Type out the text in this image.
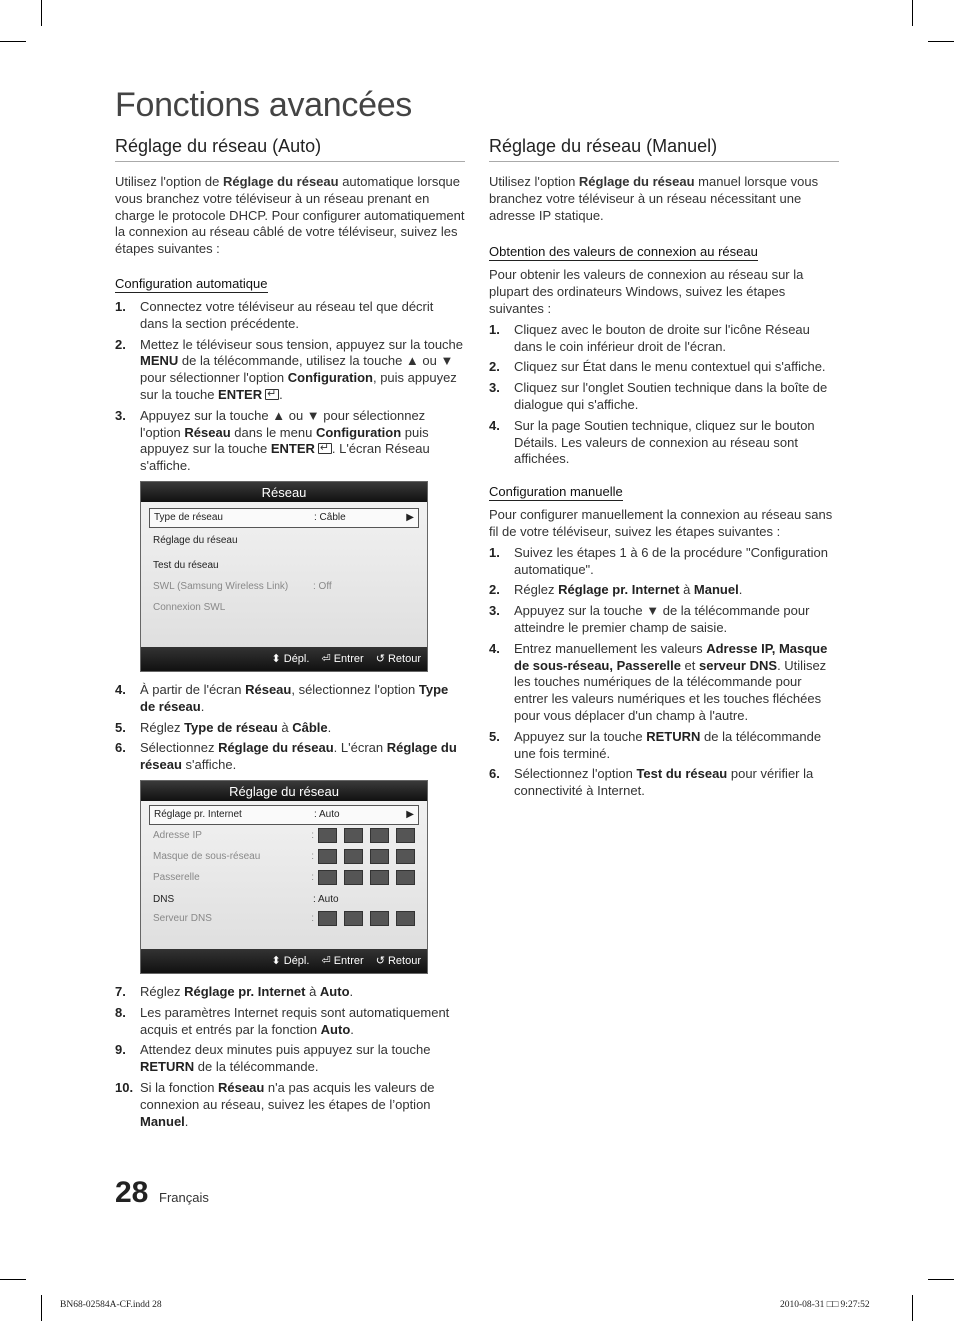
Fonctions avancées
Réglage du réseau (Auto)

Utilisez l'option de Réglage du réseau automatique lorsque vous branchez votre téléviseur à un réseau prenant en charge le protocole DHCP. Pour configurer automatiquement la connexion au réseau câblé de votre téléviseur, suivez les étapes suivantes :

Configuration automatique
1.	Connectez votre téléviseur au réseau tel que décrit dans la section précédente.
2.	Mettez le téléviseur sous tension, appuyez sur la touche MENU de la télécommande, utilisez la touche ▲ ou ▼ pour sélectionner l'option Configuration, puis appuyez sur la touche ENTER ↵ .
3.	Appuyez sur la touche ▲ ou ▼ pour sélectionnez l'option Réseau dans le menu Configuration puis appuyez sur la touche ENTER ↵ . L'écran Réseau s'affiche.
Réseau
Type de réseau	: Câble	▶
Réglage du réseau
Test du réseau
SWL (Samsung Wireless Link)	: Off
Connexion SWL
⬍ Dépl. ⏎ Entrer ↺ Retour
4.	À partir de l'écran Réseau, sélectionnez l'option Type de réseau.
5.	Réglez Type de réseau à Câble.
6.	Sélectionnez Réglage du réseau. L'écran Réglage du réseau s'affiche.
Réglage du réseau
Réglage pr. Internet	: Auto	▶
Adresse IP	:
Masque de sous-réseau	:
Passerelle	:
DNS	: Auto
Serveur DNS	:
⬍ Dépl. ⏎ Entrer ↺ Retour
7.	Réglez Réglage pr. Internet à Auto.
8.	Les paramètres Internet requis sont automatiquement acquis et entrés par la fonction Auto.
9.	Attendez deux minutes puis appuyez sur la touche RETURN de la télécommande.
10. Si la fonction Réseau n'a pas acquis les valeurs de connexion au réseau, suivez les étapes de l’option Manuel.
Réglage du réseau (Manuel)

Utilisez l'option Réglage du réseau manuel lorsque vous branchez votre téléviseur à un réseau nécessitant une adresse IP statique.

Obtention des valeurs de connexion au réseau

Pour obtenir les valeurs de connexion au réseau sur la plupart des ordinateurs Windows, suivez les étapes suivantes :

1.	Cliquez avec le bouton de droite sur l'icône Réseau dans le coin inférieur droit de l'écran.
2.	Cliquez sur État dans le menu contextuel qui s'affiche.
3.	Cliquez sur l'onglet Soutien technique dans la boîte de dialogue qui s'affiche.
4.	Sur la page Soutien technique, cliquez sur le bouton Détails. Les valeurs de connexion au réseau sont affichées.
Configuration manuelle

Pour configurer manuellement la connexion au réseau sans fil de votre téléviseur, suivez les étapes suivantes :

1.	Suivez les étapes 1 à 6 de la procédure "Configuration automatique".
2.	Réglez Réglage pr. Internet à Manuel.
3.	Appuyez sur la touche ▼ de la télécommande pour atteindre le premier champ de saisie.
4.	Entrez manuellement les valeurs Adresse IP, Masque de sous-réseau, Passerelle et serveur DNS. Utilisez les touches numériques de la télécommande pour entrer les valeurs numériques et les touches fléchées pour vous déplacer d'un champ à l'autre.
5.	Appuyez sur la touche RETURN de la télécommande une fois terminé.
6.	Sélectionnez l'option Test du réseau pour vérifier la connectivité à Internet.
28 Français
BN68-02584A-CF.indd 28	2010-08-31 □□ 9:27:52
